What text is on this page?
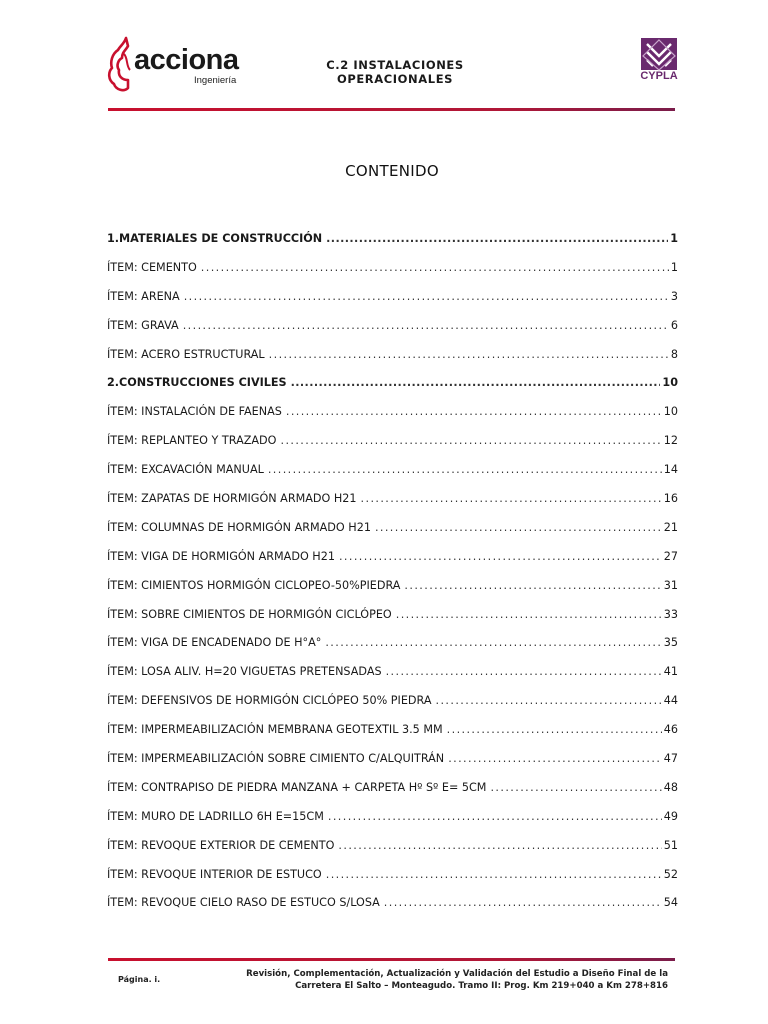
acciona
Ingeniería
C.2 INSTALACIONES OPERACIONALES	CYPLA
CONTENIDO
1. MATERIALES DE CONSTRUCCIÓN .....	1
ÍTEM: CEMENTO .....	1
ÍTEM: ARENA .....	3
ÍTEM: GRAVA .....	6
ÍTEM: ACERO ESTRUCTURAL .....	8
2. CONSTRUCCIONES CIVILES .....	10
ÍTEM: INSTALACIÓN DE FAENAS .....	10
ÍTEM: REPLANTEO Y TRAZADO .....	12
ÍTEM: EXCAVACIÓN MANUAL .....	14
ÍTEM: ZAPATAS DE HORMIGÓN ARMADO H21 .....	16
ÍTEM: COLUMNAS DE HORMIGÓN ARMADO H21 .....	21
ÍTEM: VIGA DE HORMIGÓN ARMADO H21 .....	27
ÍTEM: CIMIENTOS HORMIGÓN CICLOPEO-50%PIEDRA .....	31
ÍTEM: SOBRE CIMIENTOS DE HORMIGÓN CICLÓPEO .....	33
ÍTEM: VIGA DE ENCADENADO DE H°A° .....	35
ÍTEM: LOSA ALIV. H=20 VIGUETAS PRETENSADAS .....	41
ÍTEM: DEFENSIVOS DE HORMIGÓN CICLÓPEO 50% PIEDRA .....	44
ÍTEM: IMPERMEABILIZACIÓN MEMBRANA GEOTEXTIL 3.5 MM .....	46
ÍTEM: IMPERMEABILIZACIÓN SOBRE CIMIENTO C/ALQUITRÁN .....	47
ÍTEM: CONTRAPISO DE PIEDRA MANZANA + CARPETA Hº Sº E= 5CM .....	48
ÍTEM: MURO DE LADRILLO 6H E=15CM .....	49
ÍTEM: REVOQUE EXTERIOR DE CEMENTO .....	51
ÍTEM: REVOQUE INTERIOR DE ESTUCO .....	52
ÍTEM: REVOQUE CIELO RASO DE ESTUCO S/LOSA .....	54
Página. i.
Revisión, Complementación, Actualización y Validación del Estudio a Diseño Final de la
Carretera El Salto – Monteagudo. Tramo II: Prog. Km 219+040 a Km 278+816
